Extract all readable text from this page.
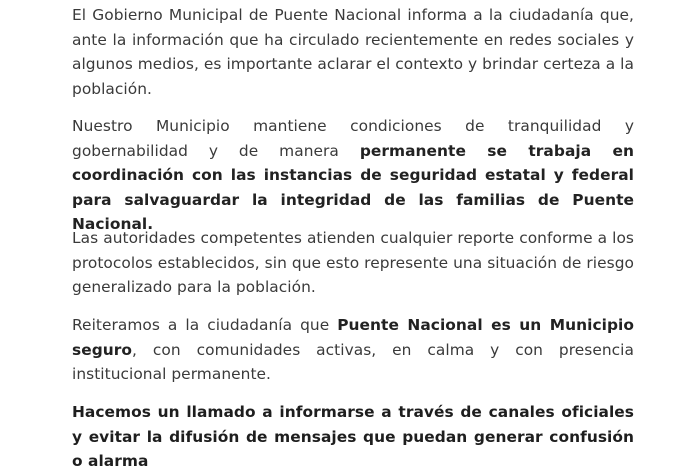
El Gobierno Municipal de Puente Nacional informa a la ciudadanía que, ante la información que ha circulado recientemente en redes sociales y algunos medios, es importante aclarar el contexto y brindar certeza a la población.

Nuestro Municipio mantiene condiciones de tranquilidad y gobernabilidad y de manera permanente se trabaja en coordinación con las instancias de seguridad estatal y federal para salvaguardar la integridad de las familias de Puente Nacional.

Las autoridades competentes atienden cualquier reporte conforme a los protocolos establecidos, sin que esto represente una situación de riesgo generalizado para la población.

Reiteramos a la ciudadanía que Puente Nacional es un Municipio seguro, con comunidades activas, en calma y con presencia institucional permanente.

Hacemos un llamado a informarse a través de canales oficiales y evitar la difusión de mensajes que puedan generar confusión o alarma
